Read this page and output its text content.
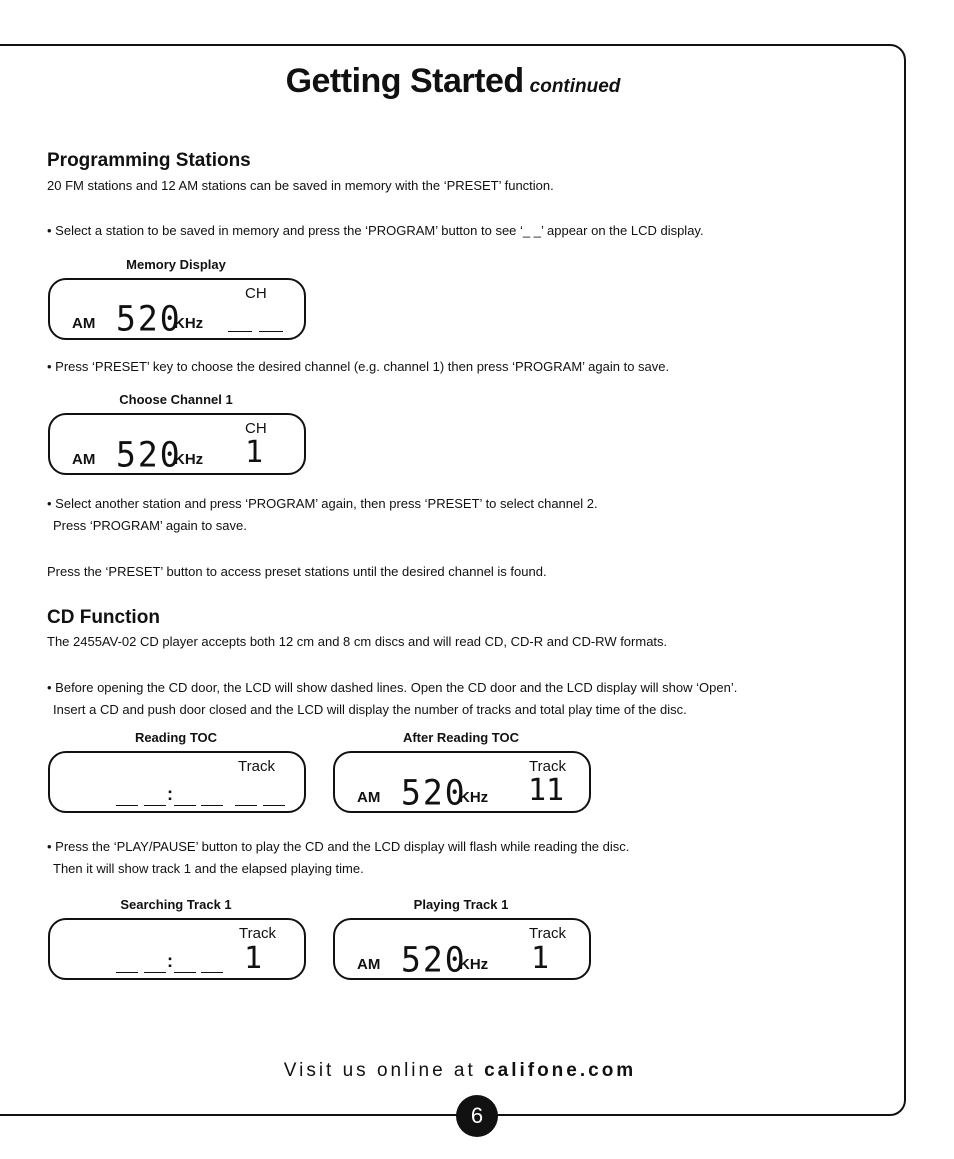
Getting Started continued
Programming Stations
20 FM stations and 12 AM stations can be saved in memory with the ‘PRESET’ function.
• Select a station to be saved in memory and press the ‘PROGRAM’ button to see ‘_ _’ appear on the LCD display.
Memory Display
CH
AM 520
KHz
• Press ‘PRESET’ key to choose the desired channel (e.g. channel 1) then press ‘PROGRAM’ again to save.
Choose Channel 1
CH
AM 520
KHz 1
• Select another station and press ‘PROGRAM’ again, then press ‘PRESET’ to select channel 2.
Press ‘PROGRAM’ again to save.
Press the ‘PRESET’ button to access preset stations until the desired channel is found.
CD Function
The 2455AV-02 CD player accepts both 12 cm and 8 cm discs and will read CD, CD-R and CD-RW formats.
• Before opening the CD door, the LCD will show dashed lines. Open the CD door and the LCD display will show ‘Open’.
Insert a CD and push door closed and the LCD will display the number of tracks and total play time of the disc.
Reading TOC
Track
:
After Reading TOC
Track
AM 520
KHz 11
• Press the ‘PLAY/PAUSE’ button to play the CD and the LCD display will flash while reading the disc.
Then it will show track 1 and the elapsed playing time.
Searching Track 1
Track
: 1
Playing Track 1
Track
AM 520
KHz 1
Visit us online at califone.com
6
